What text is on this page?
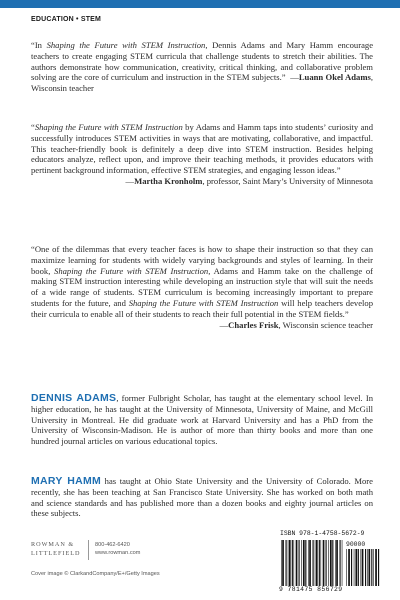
EDUCATION • STEM
“In Shaping the Future with STEM Instruction, Dennis Adams and Mary Hamm encourage teachers to create engaging STEM curricula that challenge students to stretch their abilities. The authors demonstrate how communication, creativity, critical thinking, and collaborative problem solving are the core of curriculum and instruction in the STEM subjects.” —Luann Okel Adams, Wisconsin teacher
“Shaping the Future with STEM Instruction by Adams and Hamm taps into students’ curiosity and successfully introduces STEM activities in ways that are motivating, collaborative, and impactful. This teacher-friendly book is definitely a deep dive into STEM instruction. Besides helping educators analyze, reflect upon, and improve their teaching methods, it provides educators with pertinent background information, effective STEM strategies, and engaging lesson ideas.”
—Martha Kronholm, professor, Saint Mary’s University of Minnesota
“One of the dilemmas that every teacher faces is how to shape their instruction so that they can maximize learning for students with widely varying backgrounds and styles of learning. In their book, Shaping the Future with STEM Instruction, Adams and Hamm take on the challenge of making STEM instruction interesting while developing an instruction style that will suit the needs of a wide range of students. STEM curriculum is becoming increasingly important to prepare students for the future, and Shaping the Future with STEM Instruction will help teachers develop their curricula to enable all of their students to reach their full potential in the STEM fields.”
—Charles Frisk, Wisconsin science teacher
DENNIS ADAMS, former Fulbright Scholar, has taught at the elementary school level. In higher education, he has taught at the University of Minnesota, University of Maine, and McGill University in Montreal. He did graduate work at Harvard University and has a PhD from the University of Wisconsin-Madison. He is author of more than thirty books and more than one hundred journal articles on various educational topics.
MARY HAMM has taught at Ohio State University and the University of Colorado. More recently, she has been teaching at San Francisco State University. She has worked on both math and science standards and has published more than a dozen books and eighty journal articles on these subjects.
ROWMAN &
LITTLEFIELD
800-462-6420
www.rowman.com
Cover image © ClarkandCompany/E+/Getty Images
ISBN 978-1-4758-5672-9
90000
9 781475 856729
